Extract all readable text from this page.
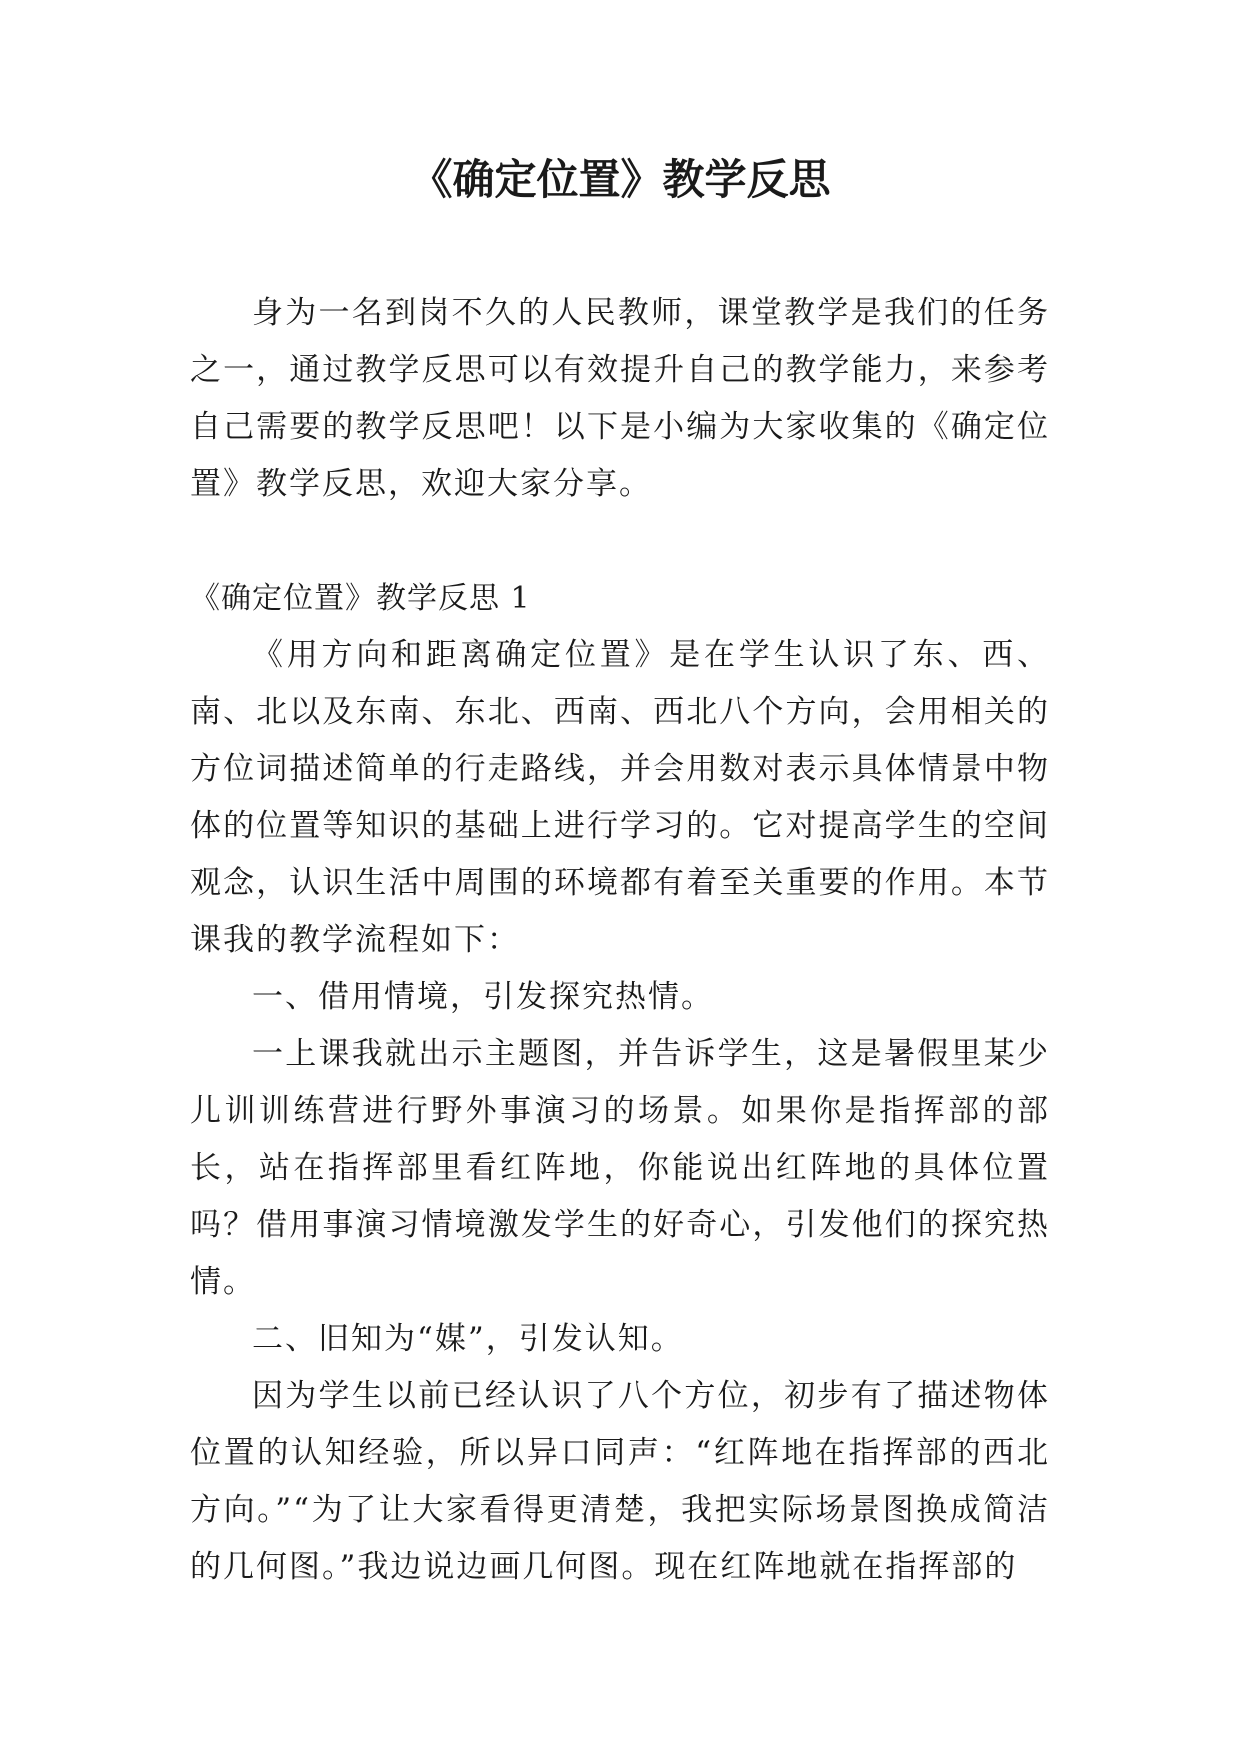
《确定位置》教学反思

身为一名到岗不久的人民教师，课堂教学是我们的任务之一，通过教学反思可以有效提升自己的教学能力，来参考自己需要的教学反思吧！以下是小编为大家收集的《确定位置》教学反思，欢迎大家分享。

《确定位置》教学反思 1

《用方向和距离确定位置》是在学生认识了东、西、南、北以及东南、东北、西南、西北八个方向，会用相关的方位词描述简单的行走路线，并会用数对表示具体情景中物体的位置等知识的基础上进行学习的。它对提高学生的空间观念，认识生活中周围的环境都有着至关重要的作用。本节课我的教学流程如下：

一、借用情境，引发探究热情。

一上课我就出示主题图，并告诉学生，这是暑假里某少儿训训练营进行野外事演习的场景。如果你是指挥部的部长，站在指挥部里看红阵地，你能说出红阵地的具体位置吗？借用事演习情境激发学生的好奇心，引发他们的探究热情。

二、旧知为“媒”，引发认知。

因为学生以前已经认识了八个方位，初步有了描述物体位置的认知经验，所以异口同声：“红阵地在指挥部的西北方向。”“为了让大家看得更清楚，我把实际场景图换成简洁的几何图。”我边说边画几何图。现在红阵地就在指挥部的
